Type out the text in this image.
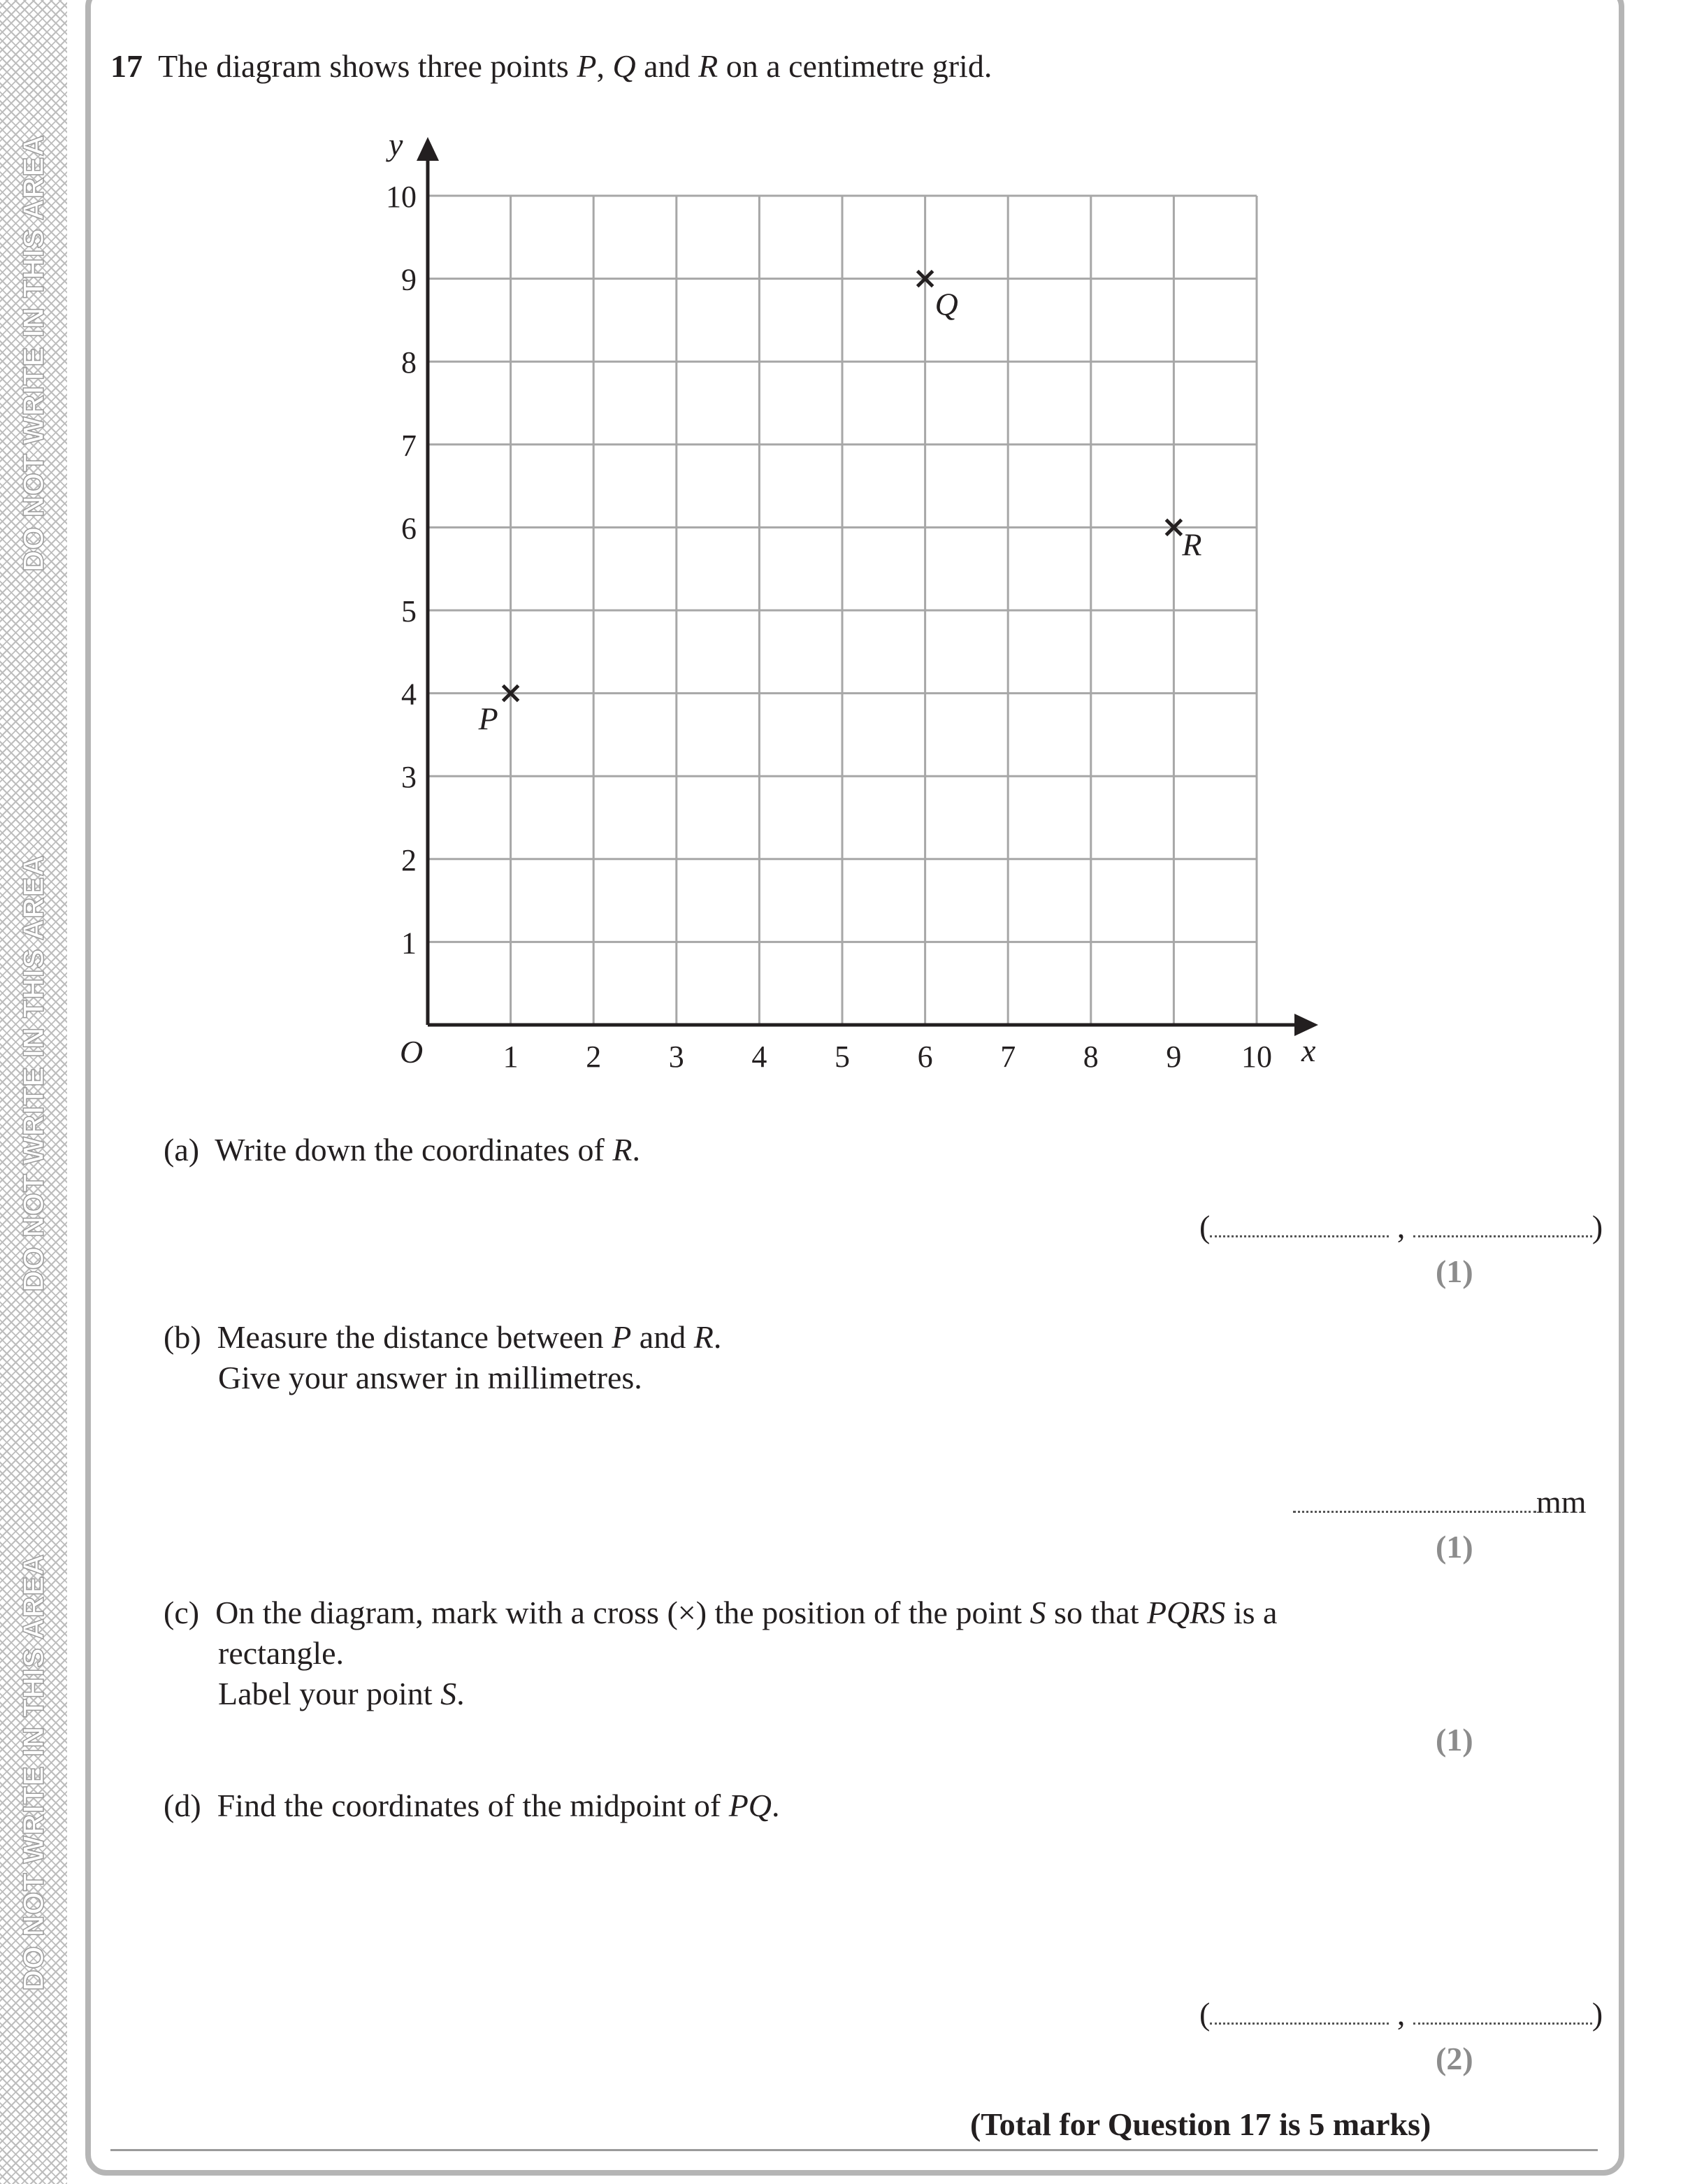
DO NOT WRITE IN THIS AREA
DO NOT WRITE IN THIS AREA
DO NOT WRITE IN THIS AREA
17 The diagram shows three points P, Q and R on a centimetre grid.
1 2 3 4 5 6 7 8 9 10
1
2
3
4
5
6
7
8
9
10
x
y
O
P
Q
R
(a) Write down the coordinates of R.
(	,	)
(1)
(b) Measure the distance between P and R.
Give your answer in millimetres.
mm
(1)
(c) On the diagram, mark with a cross (×) the position of the point S so that PQRS is a
rectangle.
Label your point S.
(1)
(d) Find the coordinates of the midpoint of PQ.
(	,	)
(2)
(Total for Question 17 is 5 marks)
